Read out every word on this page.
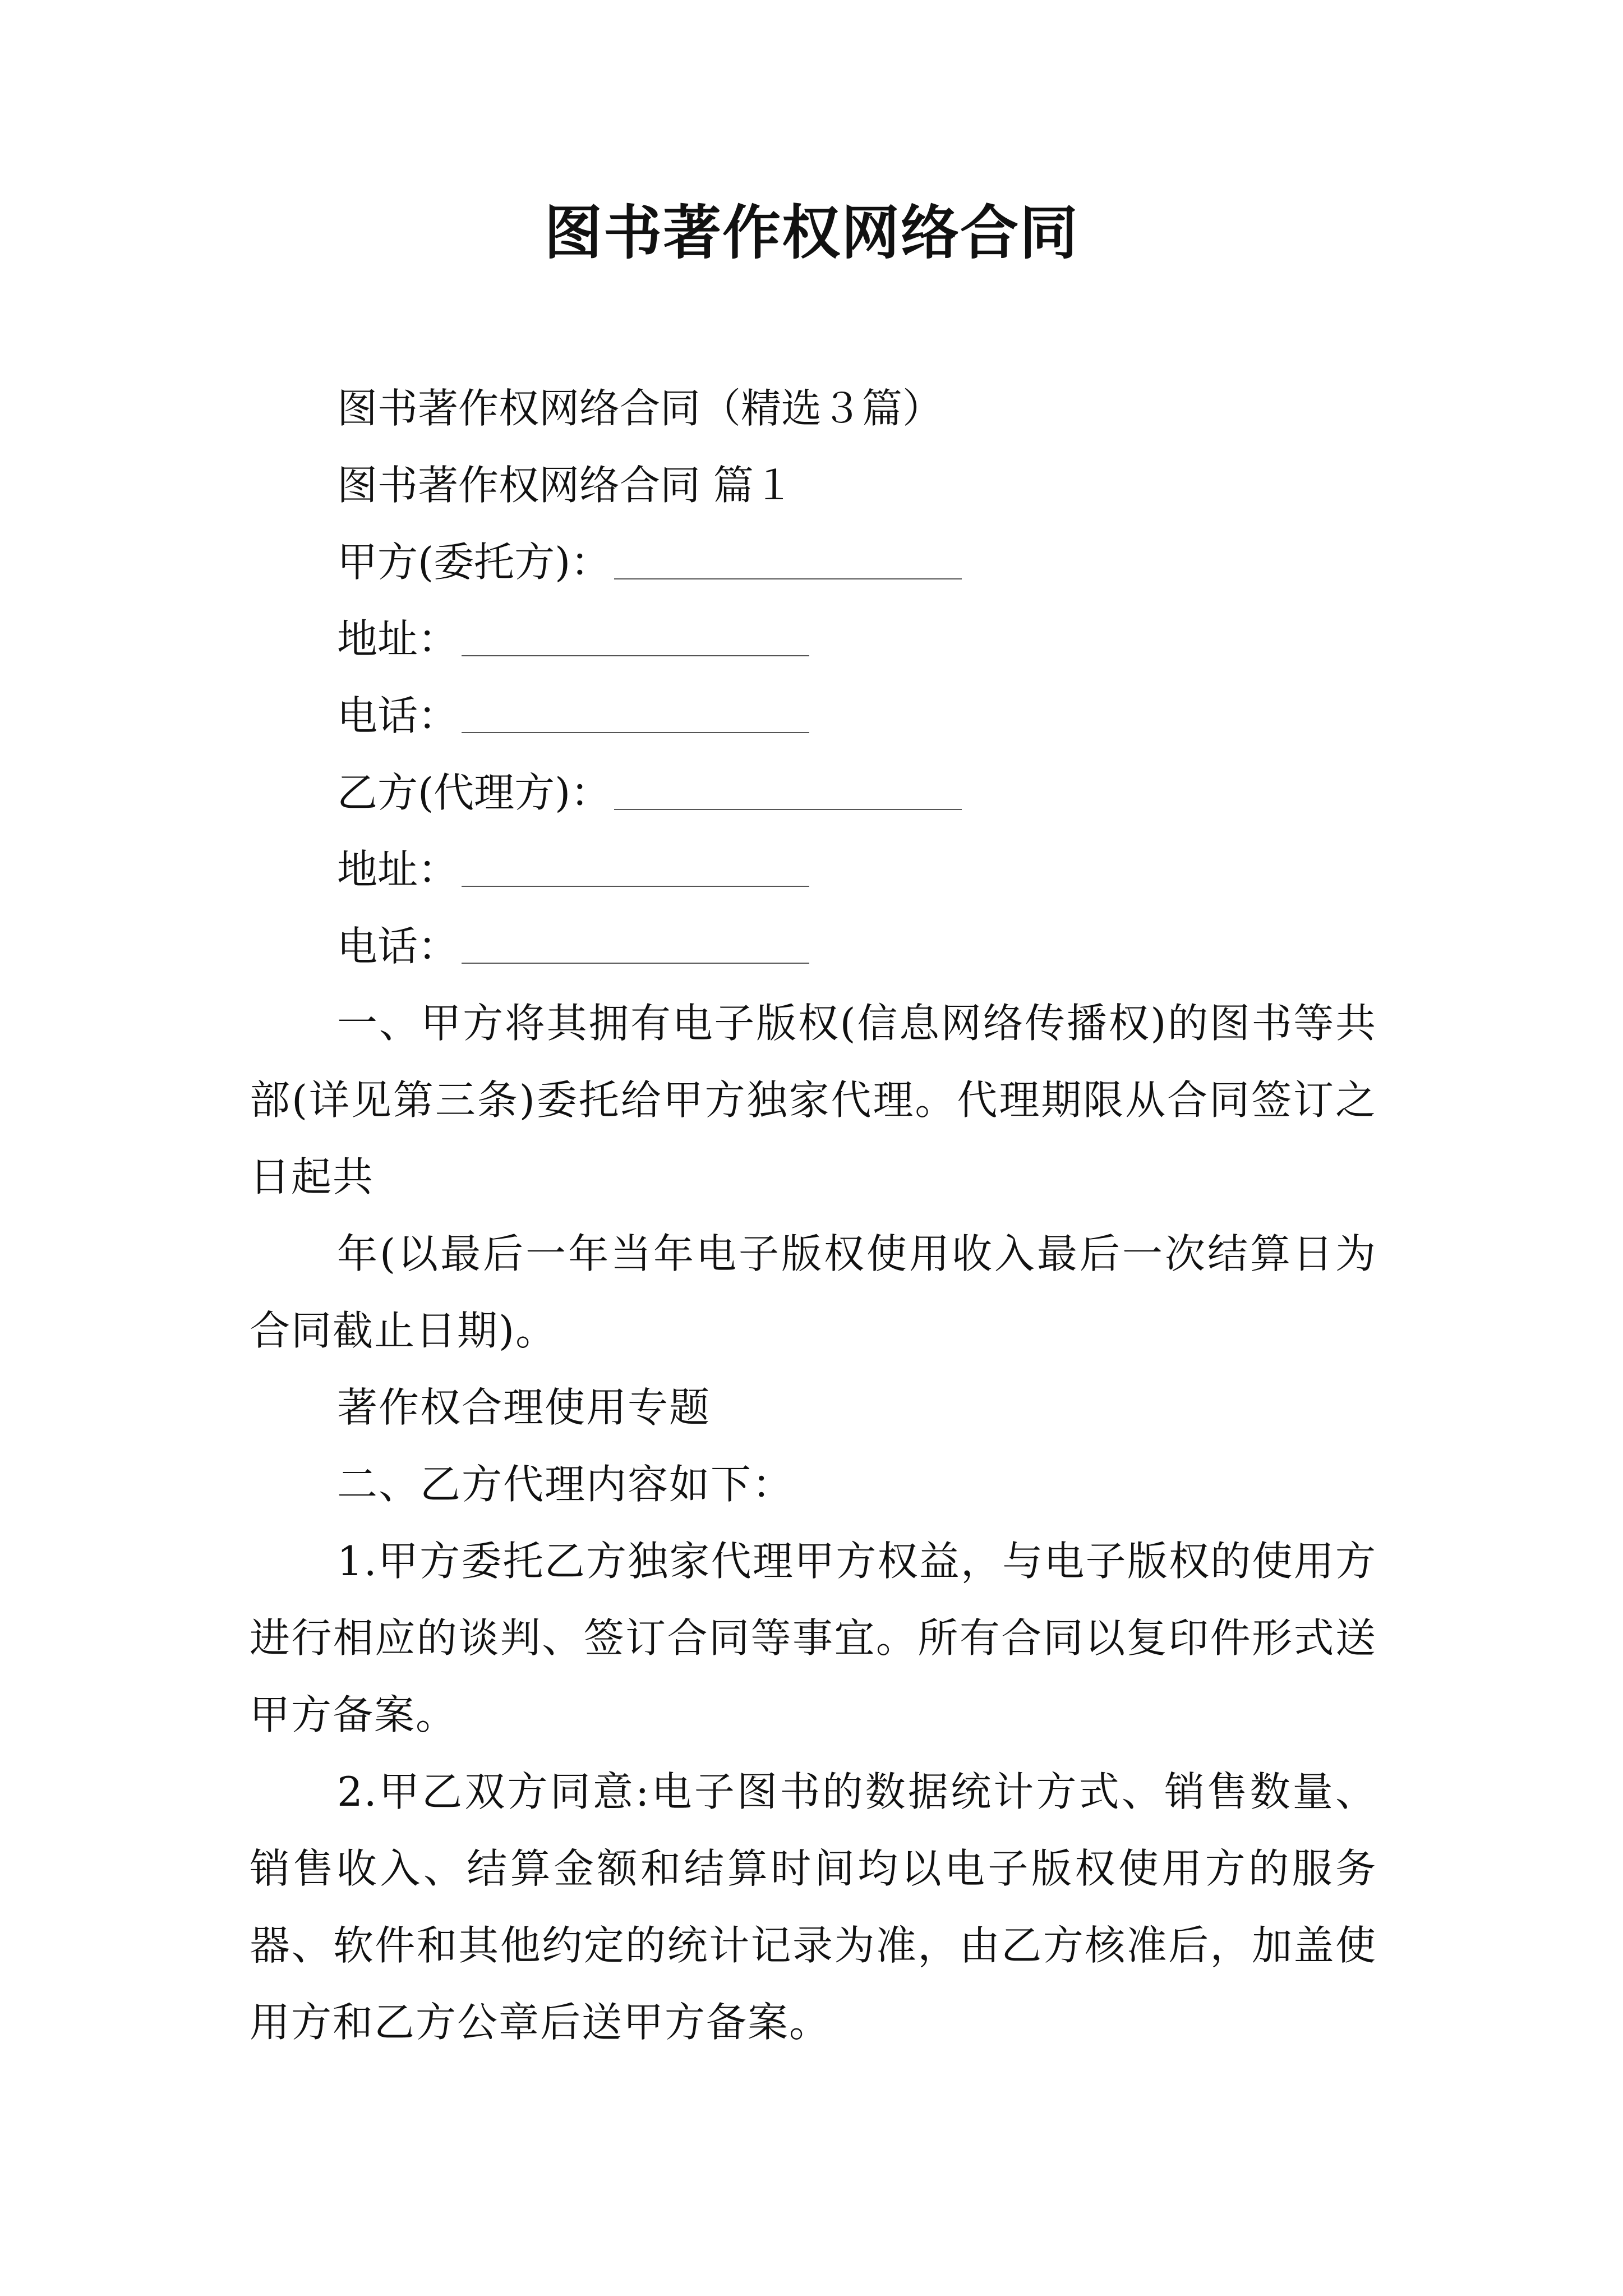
图书著作权网络合同
图书著作权网络合同（精选３篇）
图书著作权网络合同 篇１
甲方(委托方)：
地址：
电话：
乙方(代理方)：
地址：
电话：
一、甲方将其拥有电子版权(信息网络传播权)的图书等共部(详见第三条)委托给甲方独家代理。代理期限从合同签订之日起共
年(以最后一年当年电子版权使用收入最后一次结算日为合同截止日期)。
著作权合理使用专题
二、乙方代理内容如下：
1.甲方委托乙方独家代理甲方权益，与电子版权的使用方进行相应的谈判、签订合同等事宜。所有合同以复印件形式送甲方备案。
2.甲乙双方同意:电子图书的数据统计方式、销售数量、销售收入、结算金额和结算时间均以电子版权使用方的服务器、软件和其他约定的统计记录为准，由乙方核准后，加盖使用方和乙方公章后送甲方备案。
